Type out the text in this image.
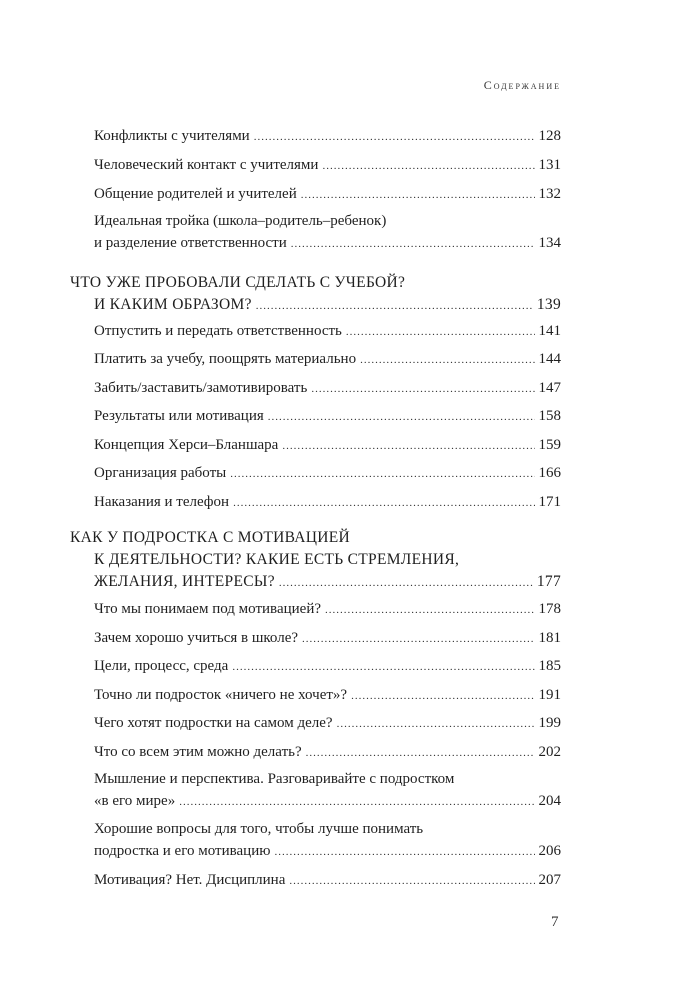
Содержание
Конфликты с учителями .....	128
Человеческий контакт с учителями .....	131
Общение родителей и учителей .....	132
Идеальная тройка (школа–родитель–ребенок)
и разделение ответственности .....	134
ЧТО УЖЕ ПРОБОВАЛИ СДЕЛАТЬ С УЧЕБОЙ?
И КАКИМ ОБРАЗОМ? .....	139
Отпустить и передать ответственность .....	141
Платить за учебу, поощрять материально .....	144
Забить/заставить/замотивировать .....	147
Результаты или мотивация .....	158
Концепция Херси–Бланшара .....	159
Организация работы .....	166
Наказания и телефон .....	171
КАК У ПОДРОСТКА С МОТИВАЦИЕЙ
К ДЕЯТЕЛЬНОСТИ? КАКИЕ ЕСТЬ СТРЕМЛЕНИЯ,
ЖЕЛАНИЯ, ИНТЕРЕСЫ? .....	177
Что мы понимаем под мотивацией? .....	178
Зачем хорошо учиться в школе? .....	181
Цели, процесс, среда .....	185
Точно ли подросток «ничего не хочет»? .....	191
Чего хотят подростки на самом деле? .....	199
Что со всем этим можно делать? .....	202
Мышление и перспектива. Разговаривайте с подростком
«в его мире» .....	204
Хорошие вопросы для того, чтобы лучше понимать
подростка и его мотивацию .....	206
Мотивация? Нет. Дисциплина .....	207
7
